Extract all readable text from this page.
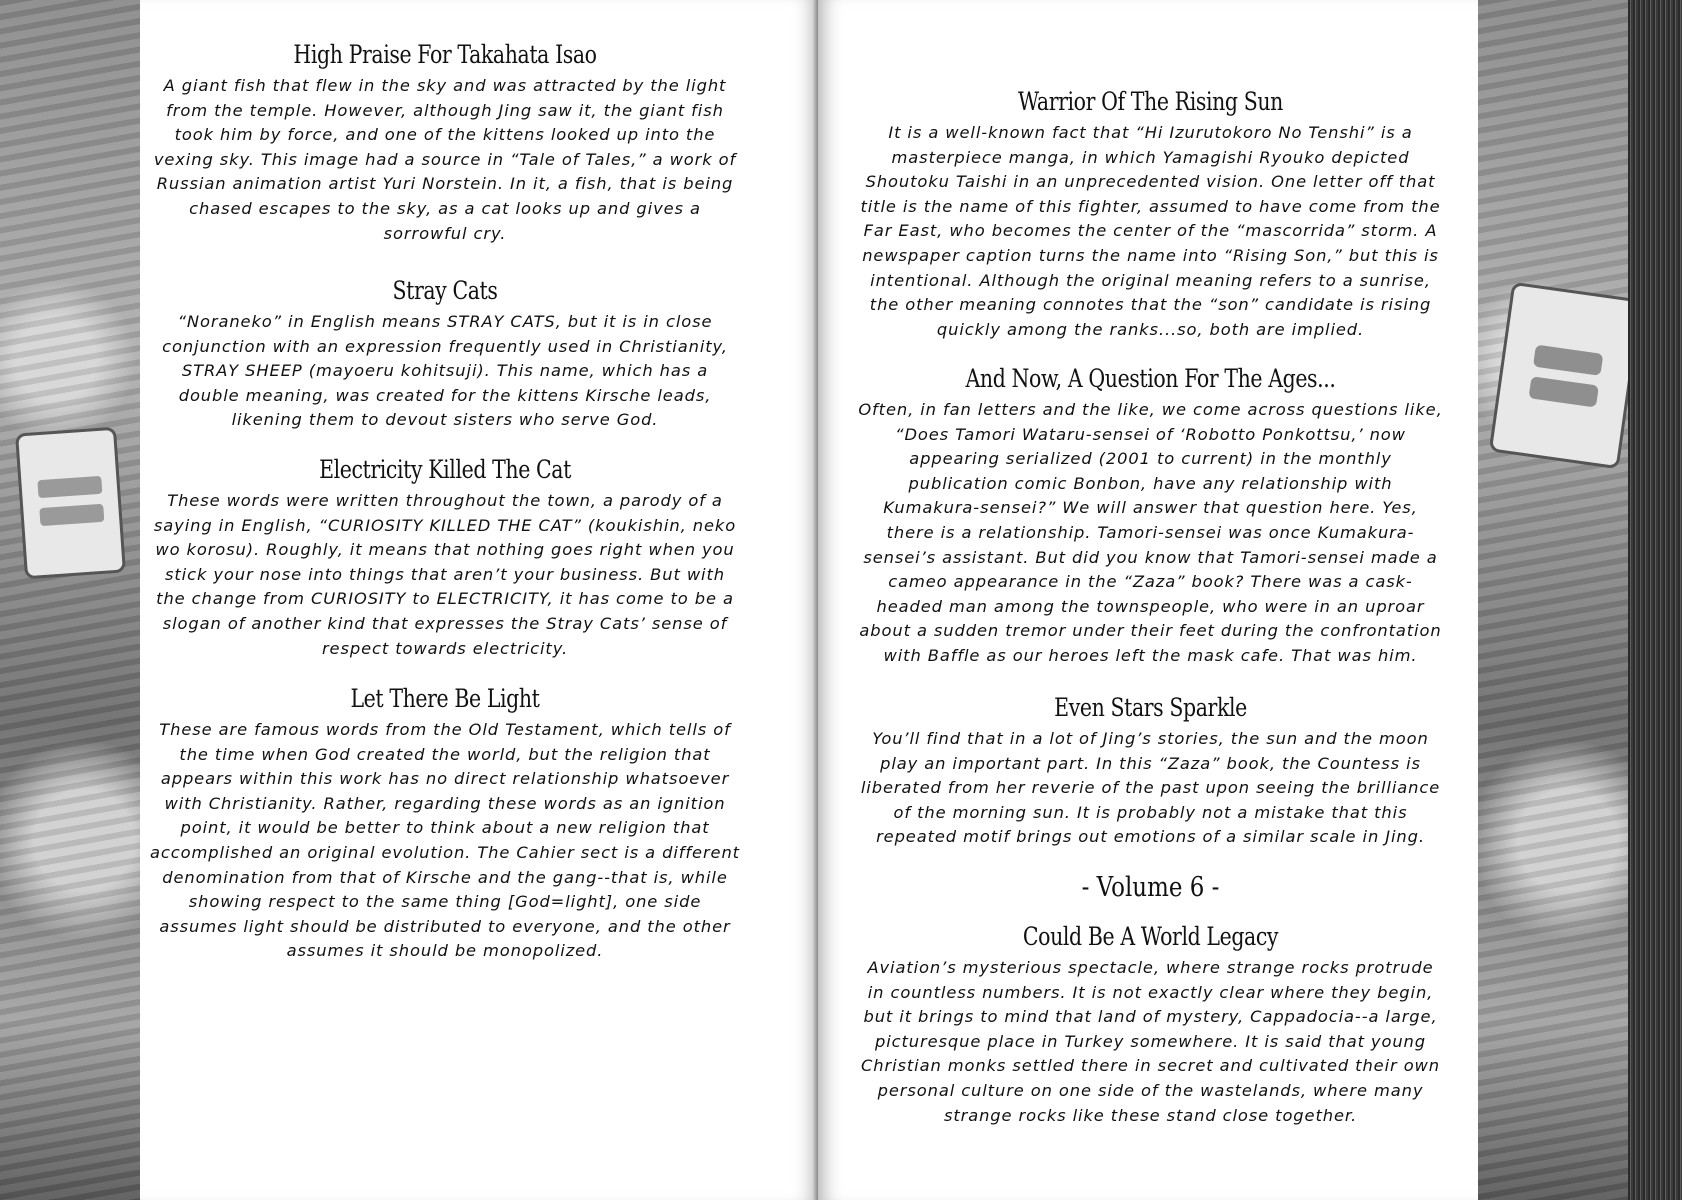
High Praise For Takahata Isao

A giant fish that flew in the sky and was attracted by the light from the temple. However, although Jing saw it, the giant fish took him by force, and one of the kittens looked up into the vexing sky. This image had a source in “Tale of Tales,” a work of Russian animation artist Yuri Norstein. In it, a fish, that is being chased escapes to the sky, as a cat looks up and gives a sorrowful cry.

Stray Cats

“Noraneko” in English means STRAY CATS, but it is in close conjunction with an expression frequently used in Christianity, STRAY SHEEP (mayoeru kohitsuji). This name, which has a double meaning, was created for the kittens Kirsche leads, likening them to devout sisters who serve God.

Electricity Killed The Cat

These words were written throughout the town, a parody of a saying in English, “CURIOSITY KILLED THE CAT” (koukishin, neko wo korosu). Roughly, it means that nothing goes right when you stick your nose into things that aren’t your business. But with the change from CURIOSITY to ELECTRICITY, it has come to be a slogan of another kind that expresses the Stray Cats’ sense of respect towards electricity.

Let There Be Light

These are famous words from the Old Testament, which tells of the time when God created the world, but the religion that appears within this work has no direct relationship whatsoever with Christianity. Rather, regarding these words as an ignition point, it would be better to think about a new religion that accomplished an original evolution. The Cahier sect is a different denomination from that of Kirsche and the gang--that is, while showing respect to the same thing [God=light], one side assumes light should be distributed to everyone, and the other assumes it should be monopolized.

Warrior Of The Rising Sun

It is a well-known fact that “Hi Izurutokoro No Tenshi” is a masterpiece manga, in which Yamagishi Ryouko depicted Shoutoku Taishi in an unprecedented vision. One letter off that title is the name of this fighter, assumed to have come from the Far East, who becomes the center of the “mascorrida” storm. A newspaper caption turns the name into “Rising Son,” but this is intentional. Although the original meaning refers to a sunrise, the other meaning connotes that the “son” candidate is rising quickly among the ranks...so, both are implied.

And Now, A Question For The Ages...

Often, in fan letters and the like, we come across questions like, “Does Tamori Wataru-sensei of ‘Robotto Ponkottsu,’ now appearing serialized (2001 to current) in the monthly publication comic Bonbon, have any relationship with Kumakura-sensei?” We will answer that question here. Yes, there is a relationship. Tamori-sensei was once Kumakura-sensei’s assistant. But did you know that Tamori-sensei made a cameo appearance in the “Zaza” book? There was a cask-headed man among the townspeople, who were in an uproar about a sudden tremor under their feet during the confrontation with Baffle as our heroes left the mask cafe. That was him.

Even Stars Sparkle

You’ll find that in a lot of Jing’s stories, the sun and the moon play an important part. In this “Zaza” book, the Countess is liberated from her reverie of the past upon seeing the brilliance of the morning sun. It is probably not a mistake that this repeated motif brings out emotions of a similar scale in Jing.

- Volume 6 -
Could Be A World Legacy

Aviation’s mysterious spectacle, where strange rocks protrude in countless numbers. It is not exactly clear where they begin, but it brings to mind that land of mystery, Cappadocia--a large, picturesque place in Turkey somewhere. It is said that young Christian monks settled there in secret and cultivated their own personal culture on one side of the wastelands, where many strange rocks like these stand close together.
